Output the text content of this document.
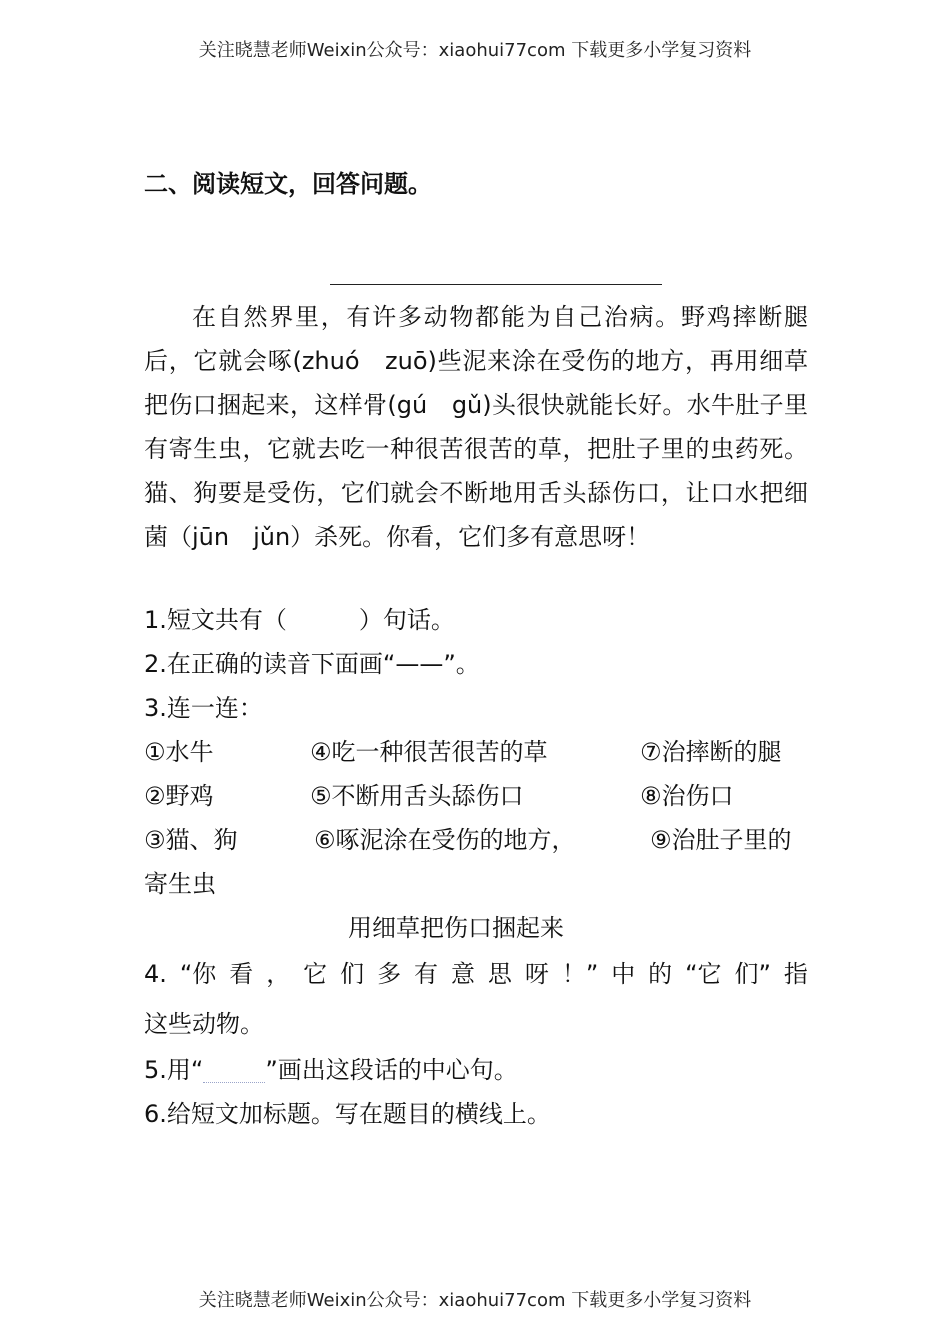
关注晓慧老师Weixin公众号：xiaohui77com 下载更多小学复习资料
二、阅读短文，回答问题。

在自然界里，有许多动物都能为自己治病。野鸡摔断腿后，它就会啄(zhuó　zuō)些泥来涂在受伤的地方，再用细草把伤口捆起来，这样骨(gú　gǔ)头很快就能长好。水牛肚子里有寄生虫，它就去吃一种很苦很苦的草，把肚子里的虫药死。猫、狗要是受伤，它们就会不断地用舌头舔伤口，让口水把细菌（jūn　jǔn）杀死。你看，它们多有意思呀！

1.短文共有（	）句话。
2.在正确的读音下面画“——”。
3.连一连：
①水牛	④吃一种很苦很苦的草	⑦治摔断的腿
②野鸡	⑤不断用舌头舔伤口	⑧治伤口
③猫、狗	⑥啄泥涂在受伤的地方，	⑨治肚子里的
寄生虫
用细草把伤口捆起来
4. “你 看 ， 它 们 多 有 意 思 呀 ！” 中 的 “它 们” 指
这些动物。
5.用“	”画出这段话的中心句。
6.给短文加标题。写在题目的横线上。
关注晓慧老师Weixin公众号：xiaohui77com 下载更多小学复习资料
